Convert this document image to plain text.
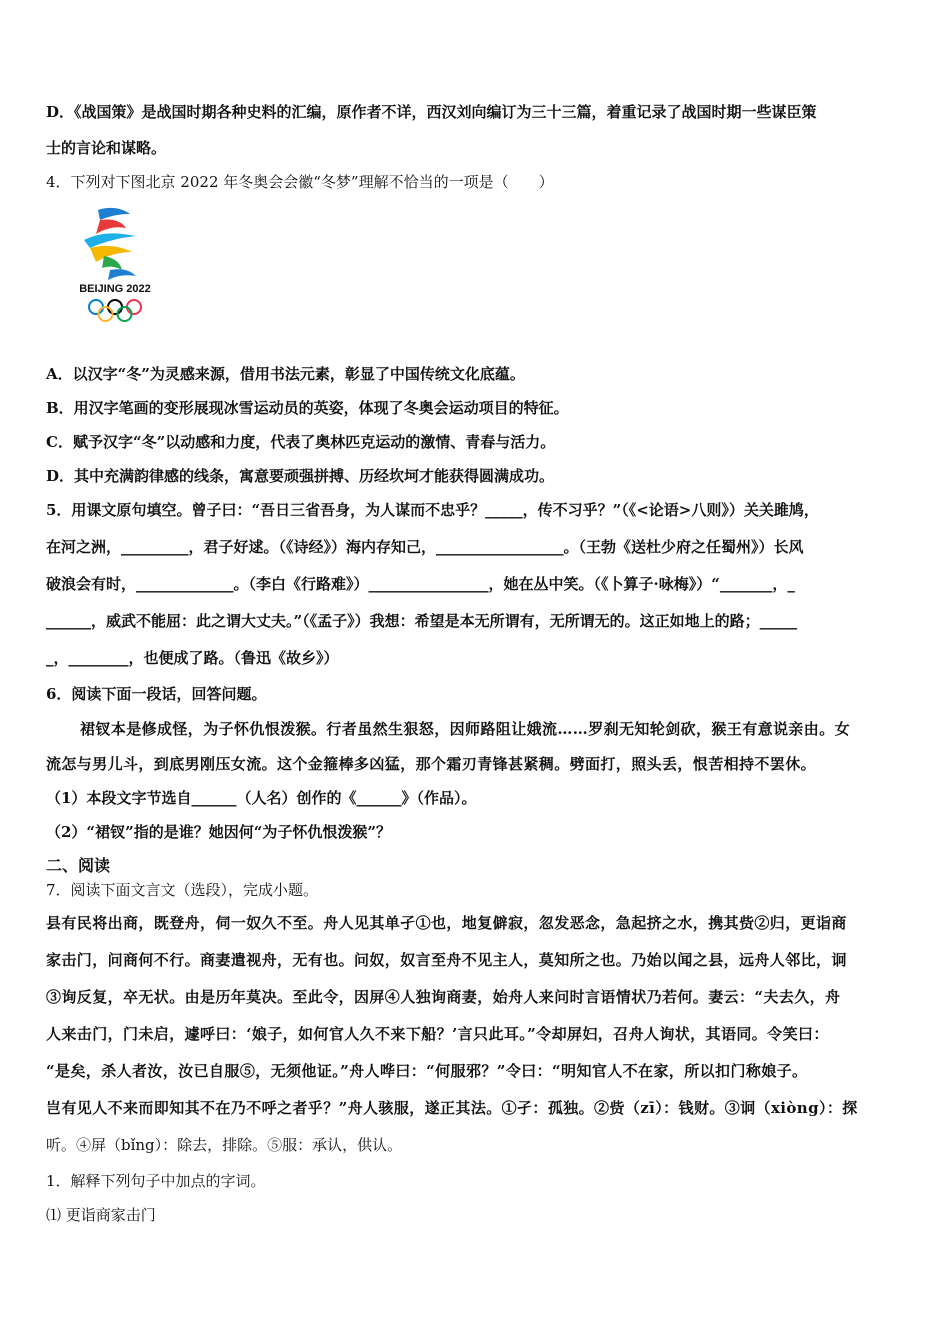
D．《战国策》是战国时期各种史料的汇编，原作者不详，西汉刘向编订为三十三篇，着重记录了战国时期一些谋臣策
士的言论和谋略。
4．下列对下图北京 2022 年冬奥会会徽“冬梦”理解不恰当的一项是（　　）
BEIJING 2022
A．以汉字“冬”为灵感来源，借用书法元素，彰显了中国传统文化底蕴。
B．用汉字笔画的变形展现冰雪运动员的英姿，体现了冬奥会运动项目的特征。
C．赋予汉字“冬”以动感和力度，代表了奥林匹克运动的激情、青春与活力。
D．其中充满韵律感的线条，寓意要顽强拼搏、历经坎坷才能获得圆满成功。
5．用课文原句填空。曾子曰：“吾日三省吾身，为人谋而不忠乎？_____，传不习乎？”（《<论语>八则》）关关雎鸠，
在河之洲，_________，君子好逑。（《诗经》）海内存知己，_________________。（王勃《送杜少府之任蜀州》）长风
破浪会有时，_____________。（李白《行路难》）________________，她在丛中笑。（《卜算子·咏梅》）“_______，_
______，威武不能屈：此之谓大丈夫。”（《孟子》）我想：希望是本无所谓有，无所谓无的。这正如地上的路；_____
_，________，也便成了路。（鲁迅《故乡》）
6．阅读下面一段话，回答问题。
裙钗本是修成怪，为子怀仇恨泼猴。行者虽然生狠怒，因师路阻让娥流……罗刹无知轮剑砍，猴王有意说亲由。女
流怎与男儿斗，到底男刚压女流。这个金箍棒多凶猛，那个霜刃青锋甚紧稠。劈面打，照头丢，恨苦相持不罢休。
（1）本段文字节选自______（人名）创作的《______》（作品）。
（2）“裙钗”指的是谁？她因何“为子怀仇恨泼猴”？
二、阅读
7．阅读下面文言文（选段），完成小题。
县有民将出商，既登舟，伺一奴久不至。舟人见其单孑①也，地复僻寂，忽发恶念，急起挤之水，携其赀②归，更诣商
家击门，问商何不行。商妻遣视舟，无有也。问奴，奴言至舟不见主人，莫知所之也。乃始以闻之县，远舟人邻比，诇
③询反复，卒无状。由是历年莫决。至此令，因屏④人独询商妻，始舟人来问时言语情状乃若何。妻云：“夫去久，舟
人来击门，门未启，遽呼曰：‘娘子，如何官人久不来下船？’言只此耳。”令却屏妇，召舟人询状，其语同。令笑曰：
“是矣，杀人者汝，汝已自服⑤，无须他证。”舟人哗曰：“何服邪？”令曰：“明知官人不在家，所以扣门称娘子。
岂有见人不来而即知其不在乃不呼之者乎？”舟人骇服，遂正其法。①孑：孤独。②赀（zī）：钱财。③诇（xiòng）：探
听。④屏（bǐng）：除去，排除。⑤服：承认，供认。
1．解释下列句子中加点的字词。
⑴ 更诣商家击门
